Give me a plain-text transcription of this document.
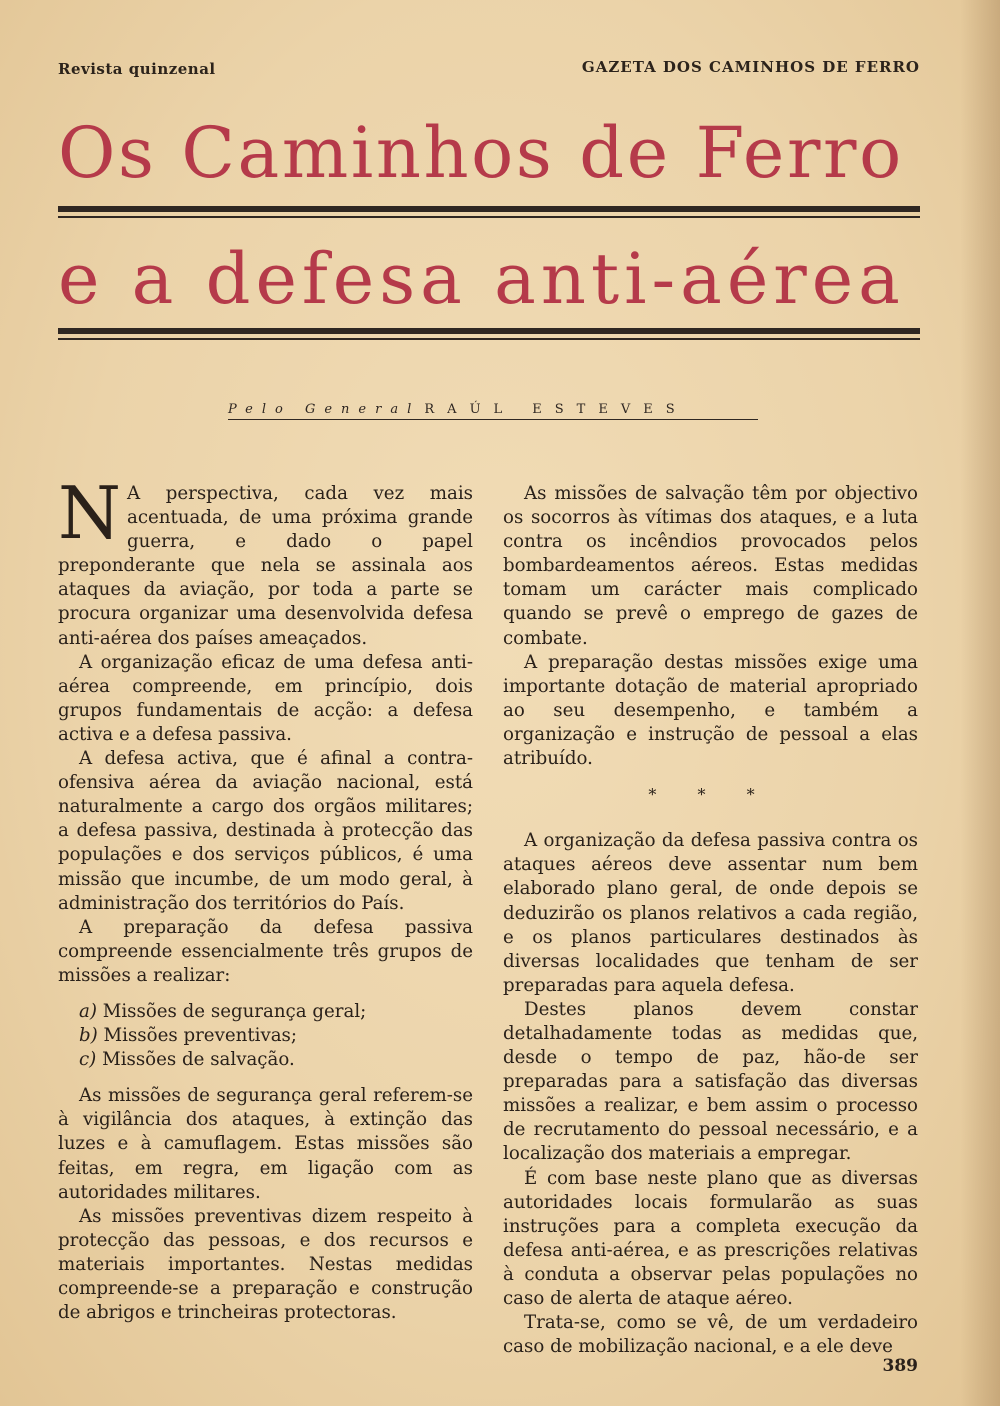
Revista quinzenal	GAZETA DOS CAMINHOS DE FERRO
Os Caminhos de Ferro
e a defesa anti-aérea
Pelo General RAÚL ESTEVES

N A perspectiva, cada vez mais acentuada, de uma próxima grande guerra, e dado o papel preponderante que nela se assinala aos ataques da aviação, por toda a parte se procura organizar uma desenvolvida defesa anti-aérea dos países ameaçados.

A organização eficaz de uma defesa anti-aérea compreende, em princípio, dois grupos fundamentais de acção: a defesa activa e a defesa passiva.

A defesa activa, que é afinal a contra-ofensiva aérea da aviação nacional, está naturalmente a cargo dos orgãos militares; a defesa passiva, destinada à protecção das populações e dos serviços públicos, é uma missão que incumbe, de um modo geral, à administração dos territórios do País.

A preparação da defesa passiva compreende essencialmente três grupos de missões a realizar:

a) Missões de segurança geral;
b) Missões preventivas;
c) Missões de salvação.

As missões de segurança geral referem-se à vigilância dos ataques, à extinção das luzes e à camuflagem. Estas missões são feitas, em regra, em ligação com as autoridades militares.

As missões preventivas dizem respeito à protecção das pessoas, e dos recursos e materiais importantes. Nestas medidas compreende-se a preparação e construção de abrigos e trincheiras protectoras.

As missões de salvação têm por objectivo os socorros às vítimas dos ataques, e a luta contra os incêndios provocados pelos bombardeamentos aéreos. Estas medidas tomam um carácter mais complicado quando se prevê o emprego de gazes de combate.

A preparação destas missões exige uma importante dotação de material apropriado ao seu desempenho, e também a organização e instrução de pessoal a elas atribuído.

* * *

A organização da defesa passiva contra os ataques aéreos deve assentar num bem elaborado plano geral, de onde depois se deduzirão os planos relativos a cada região, e os planos particulares destinados às diversas localidades que tenham de ser preparadas para aquela defesa.

Destes planos devem constar detalhadamente todas as medidas que, desde o tempo de paz, hão-de ser preparadas para a satisfação das diversas missões a realizar, e bem assim o processo de recrutamento do pessoal necessário, e a localização dos materiais a empregar.

É com base neste plano que as diversas autoridades locais formularão as suas instruções para a completa execução da defesa anti-aérea, e as prescrições relativas à conduta a observar pelas populações no caso de alerta de ataque aéreo.

Trata-se, como se vê, de um verdadeiro caso de mobilização nacional, e a ele deve

389
